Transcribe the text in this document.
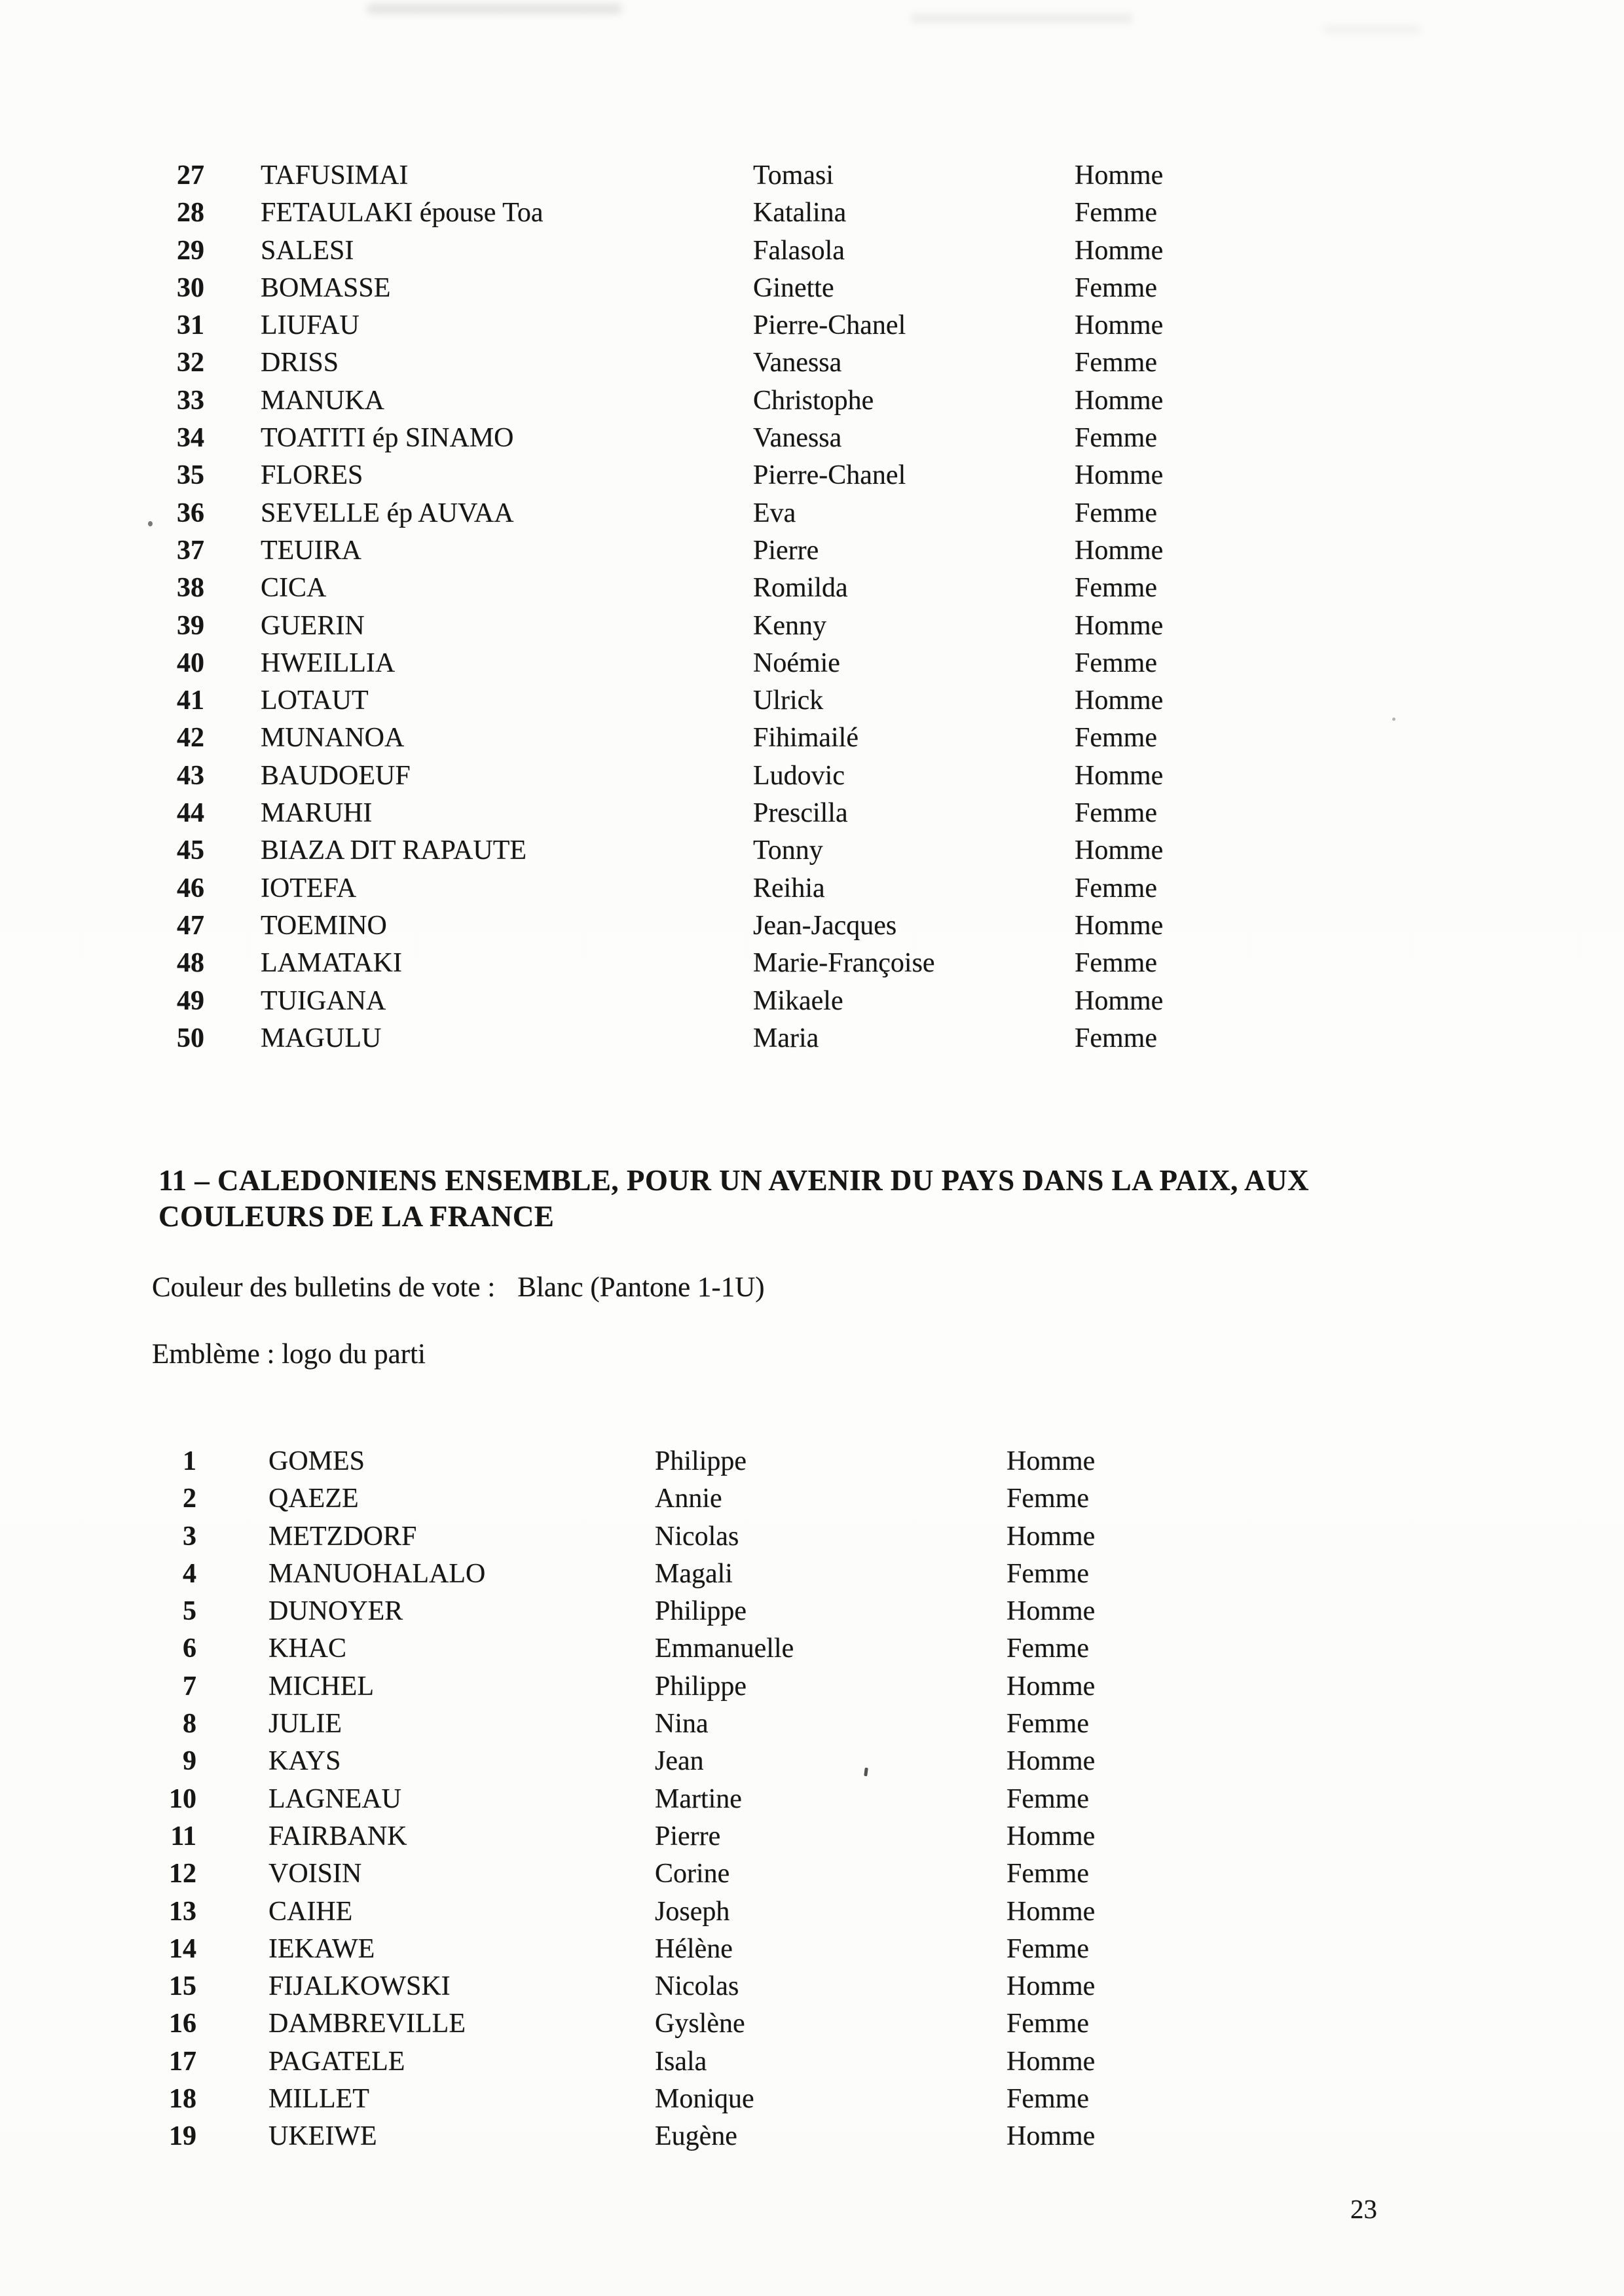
27 TAFUSIMAI	Tomasi	Homme
28 FETAULAKI épouse Toa	Katalina	Femme
29 SALESI	Falasola	Homme
30 BOMASSE	Ginette	Femme
31 LIUFAU	Pierre-Chanel	Homme
32 DRISS	Vanessa	Femme
33 MANUKA	Christophe	Homme
34 TOATITI ép SINAMO	Vanessa	Femme
35 FLORES	Pierre-Chanel	Homme
36 SEVELLE ép AUVAA	Eva	Femme
37 TEUIRA	Pierre	Homme
38 CICA	Romilda	Femme
39 GUERIN	Kenny	Homme
40 HWEILLIA	Noémie	Femme
41 LOTAUT	Ulrick	Homme
42 MUNANOA	Fihimailé	Femme
43 BAUDOEUF	Ludovic	Homme
44 MARUHI	Prescilla	Femme
45 BIAZA DIT RAPAUTE	Tonny	Homme
46 IOTEFA	Reihia	Femme
47 TOEMINO	Jean-Jacques	Homme
48 LAMATAKI	Marie-Françoise	Femme
49 TUIGANA	Mikaele	Homme
50 MAGULU	Maria	Femme
11 – CALEDONIENS ENSEMBLE, POUR UN AVENIR DU PAYS DANS LA PAIX, AUX
COULEURS DE LA FRANCE
Couleur des bulletins de vote : Blanc (Pantone 1-1U)
Emblème : logo du parti
1	GOMES	Philippe	Homme
2	QAEZE	Annie	Femme
3	METZDORF	Nicolas	Homme
4	MANUOHALALO	Magali	Femme
5	DUNOYER	Philippe	Homme
6	KHAC	Emmanuelle	Femme
7	MICHEL	Philippe	Homme
8	JULIE	Nina	Femme
9	KAYS	Jean	Homme
10	LAGNEAU	Martine	Femme
11	FAIRBANK	Pierre	Homme
12	VOISIN	Corine	Femme
13	CAIHE	Joseph	Homme
14	IEKAWE	Hélène	Femme
15	FIJALKOWSKI	Nicolas	Homme
16	DAMBREVILLE	Gyslène	Femme
17	PAGATELE	Isala	Homme
18	MILLET	Monique	Femme
19	UKEIWE	Eugène	Homme
23
